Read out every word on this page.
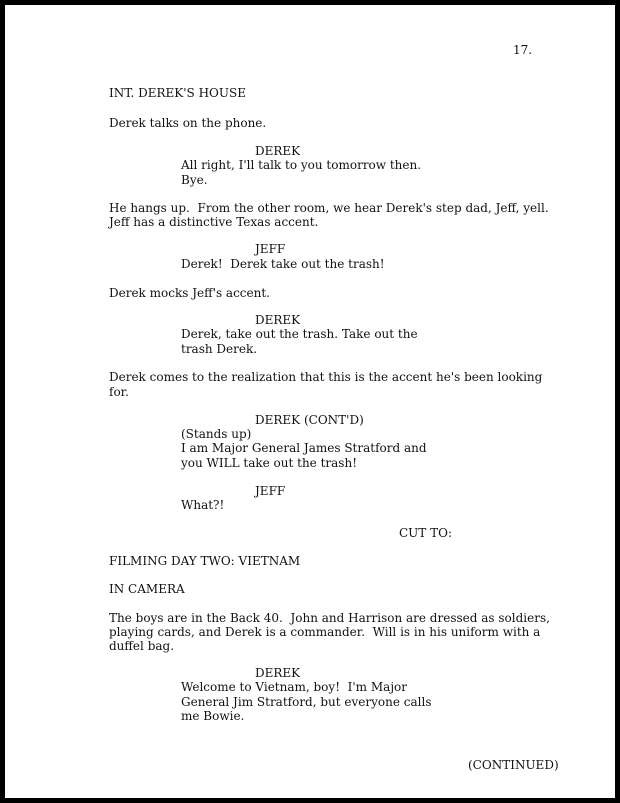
17.
INT. DEREK'S HOUSE
Derek talks on the phone.
DEREK
All right, I'll talk to you tomorrow then.
Bye.
He hangs up.  From the other room, we hear Derek's step dad, Jeff, yell.
Jeff has a distinctive Texas accent.
JEFF
Derek!  Derek take out the trash!
Derek mocks Jeff's accent.
DEREK
Derek, take out the trash. Take out the
trash Derek.
Derek comes to the realization that this is the accent he's been looking
for.
DEREK (CONT'D)
(Stands up)
I am Major General James Stratford and
you WILL take out the trash!
JEFF
What?!
CUT TO:
FILMING DAY TWO: VIETNAM
IN CAMERA
The boys are in the Back 40.  John and Harrison are dressed as soldiers,
playing cards, and Derek is a commander.  Will is in his uniform with a
duffel bag.
DEREK
Welcome to Vietnam, boy!  I'm Major
General Jim Stratford, but everyone calls
me Bowie.
(CONTINUED)
